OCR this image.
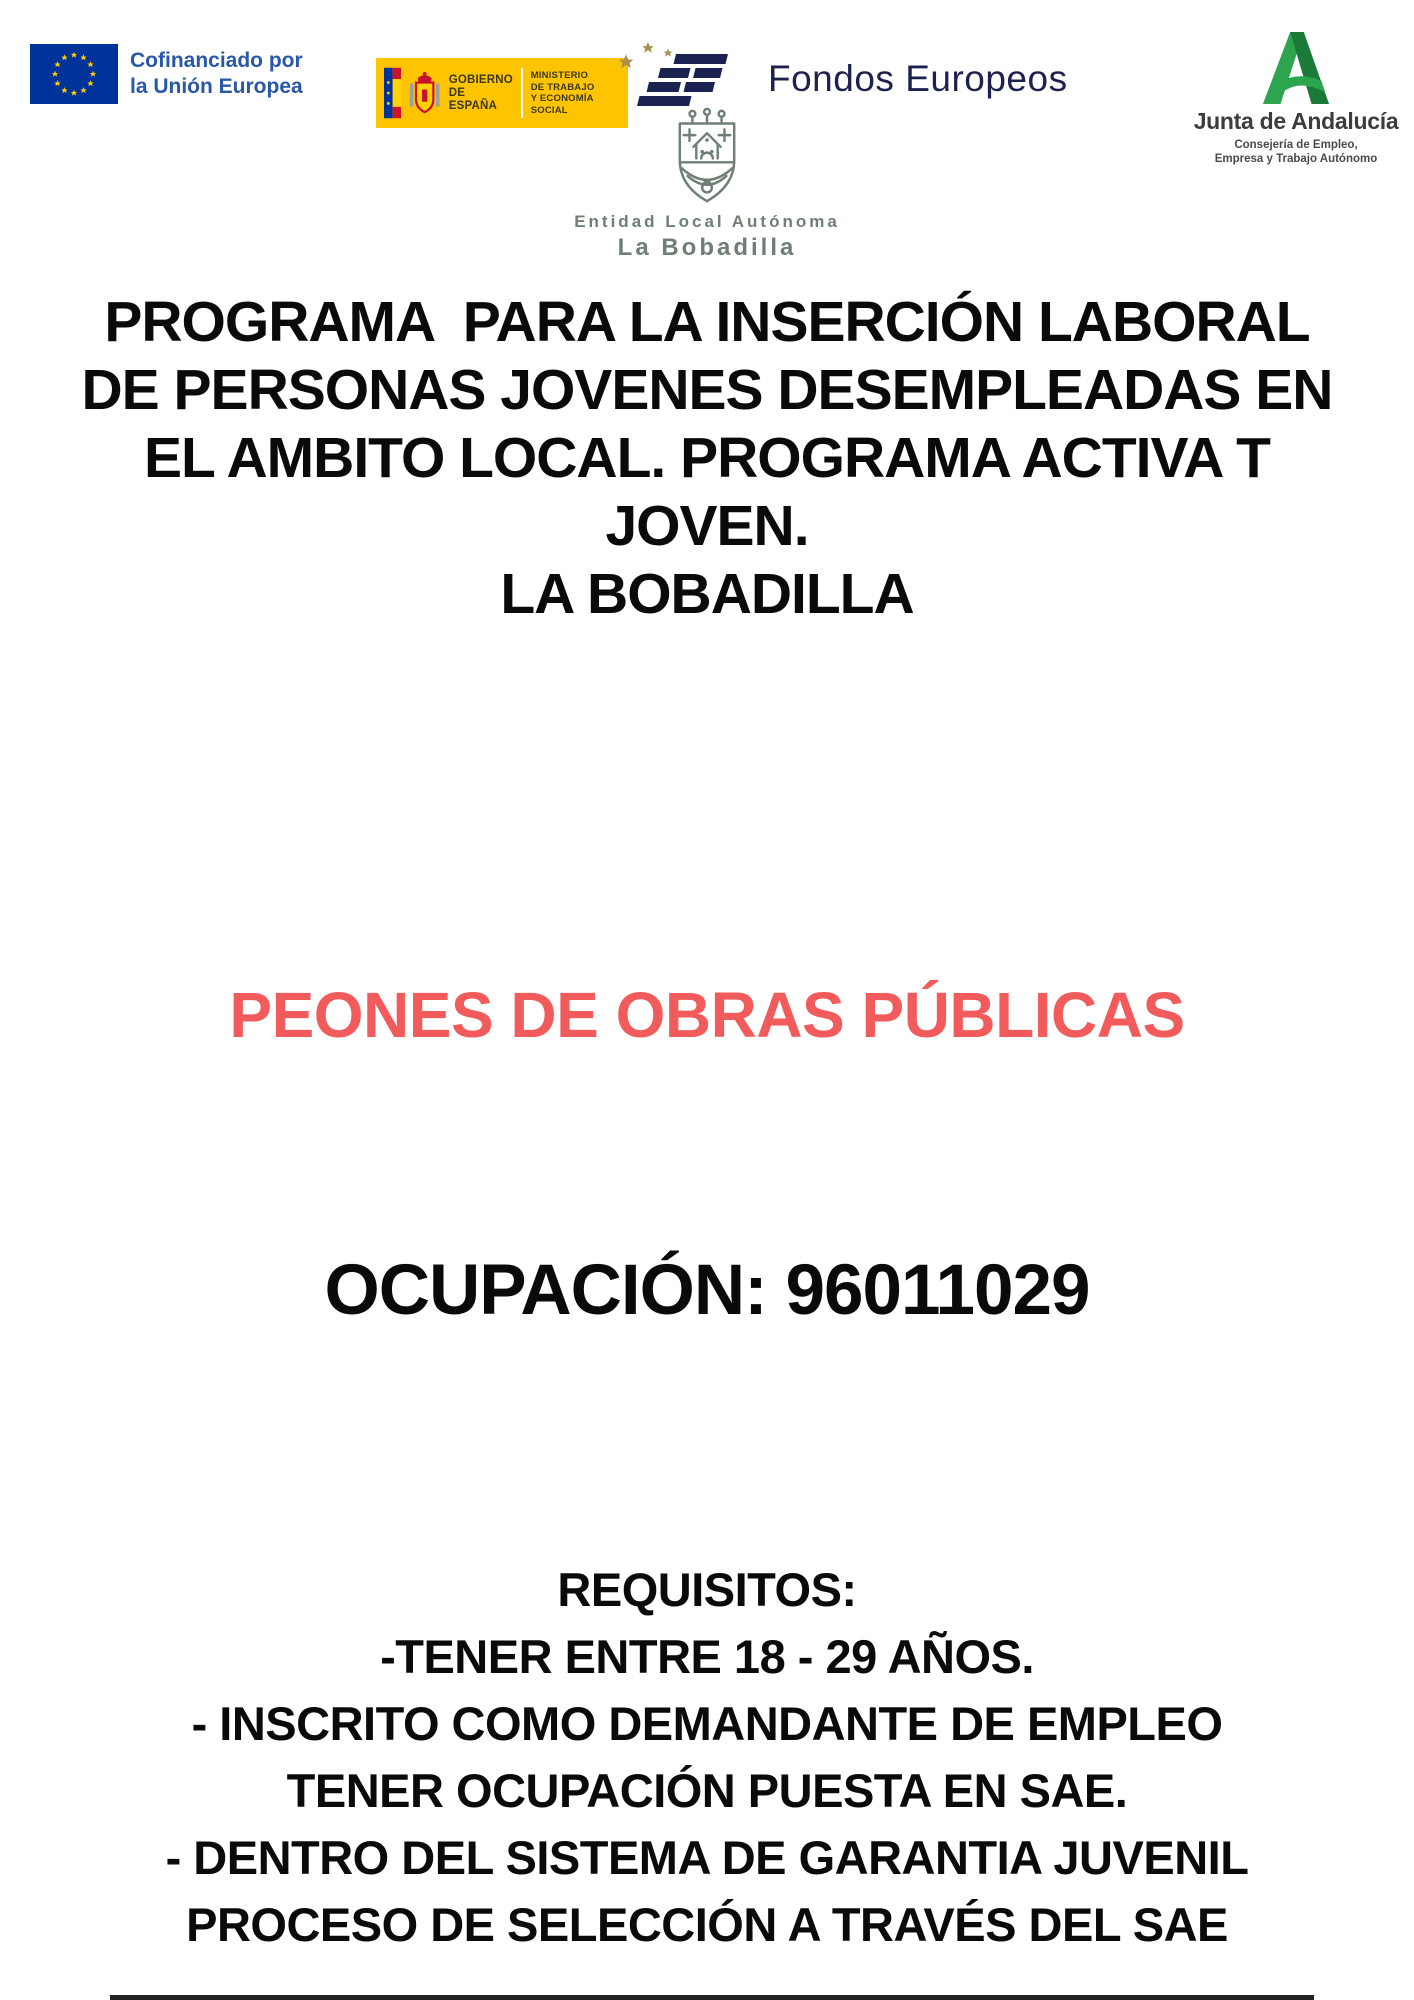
Cofinanciado por
la Unión Europea	GOBIERNO
DE ESPAÑA
MINISTERIO
DE TRABAJO
Y ECONOMÍA SOCIAL
Fondos Europeos
Junta de Andalucía
Consejería de Empleo,
Empresa y Trabajo Autónomo
Entidad Local Autónoma
La Bobadilla
PROGRAMA  PARA LA INSERCIÓN LABORAL
DE PERSONAS JOVENES DESEMPLEADAS EN
EL AMBITO LOCAL. PROGRAMA ACTIVA T
JOVEN.
LA BOBADILLA
PEONES DE OBRAS PÚBLICAS
OCUPACIÓN: 96011029
REQUISITOS:
-TENER ENTRE 18 - 29 AÑOS.
- INSCRITO COMO DEMANDANTE DE EMPLEO
TENER OCUPACIÓN PUESTA EN SAE.
- DENTRO DEL SISTEMA DE GARANTIA JUVENIL
PROCESO DE SELECCIÓN A TRAVÉS DEL SAE
